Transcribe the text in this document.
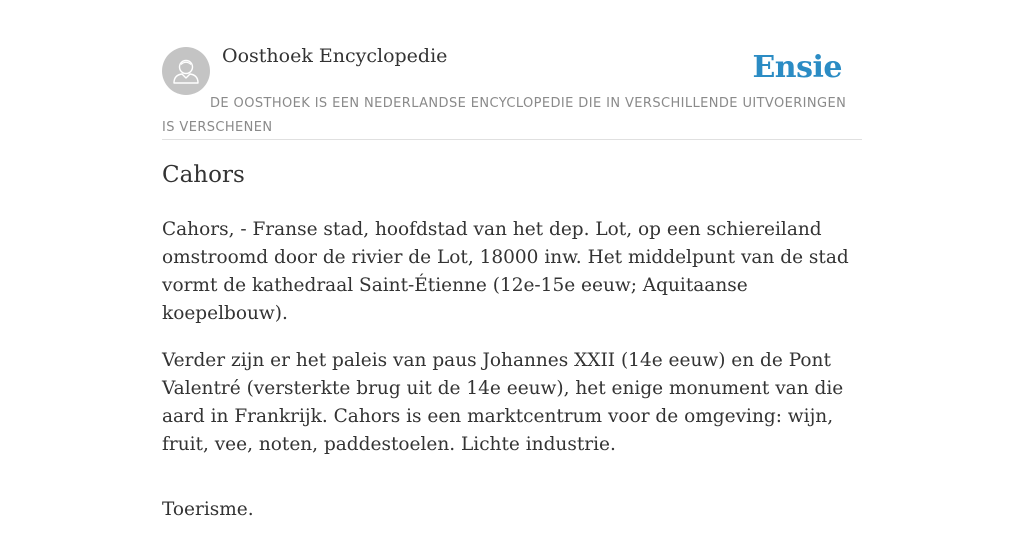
Oosthoek Encyclopedie	Ensie

DE OOSTHOEK IS EEN NEDERLANDSE ENCYCLOPEDIE DIE IN VERSCHILLENDE UITVOERINGEN IS VERSCHENEN

Cahors

Cahors, - Franse stad, hoofdstad van het dep. Lot, op een schiereiland omstroomd door de rivier de Lot, 18000 inw. Het middelpunt van de stad vormt de kathedraal Saint-Étienne (12e-15e eeuw; Aquitaanse koepelbouw).

Verder zijn er het paleis van paus Johannes XXII (14e eeuw) en de Pont Valentré (versterkte brug uit de 14e eeuw), het enige monument van die aard in Frankrijk. Cahors is een marktcentrum voor de omgeving: wijn, fruit, vee, noten, paddestoelen. Lichte industrie.

Toerisme.
